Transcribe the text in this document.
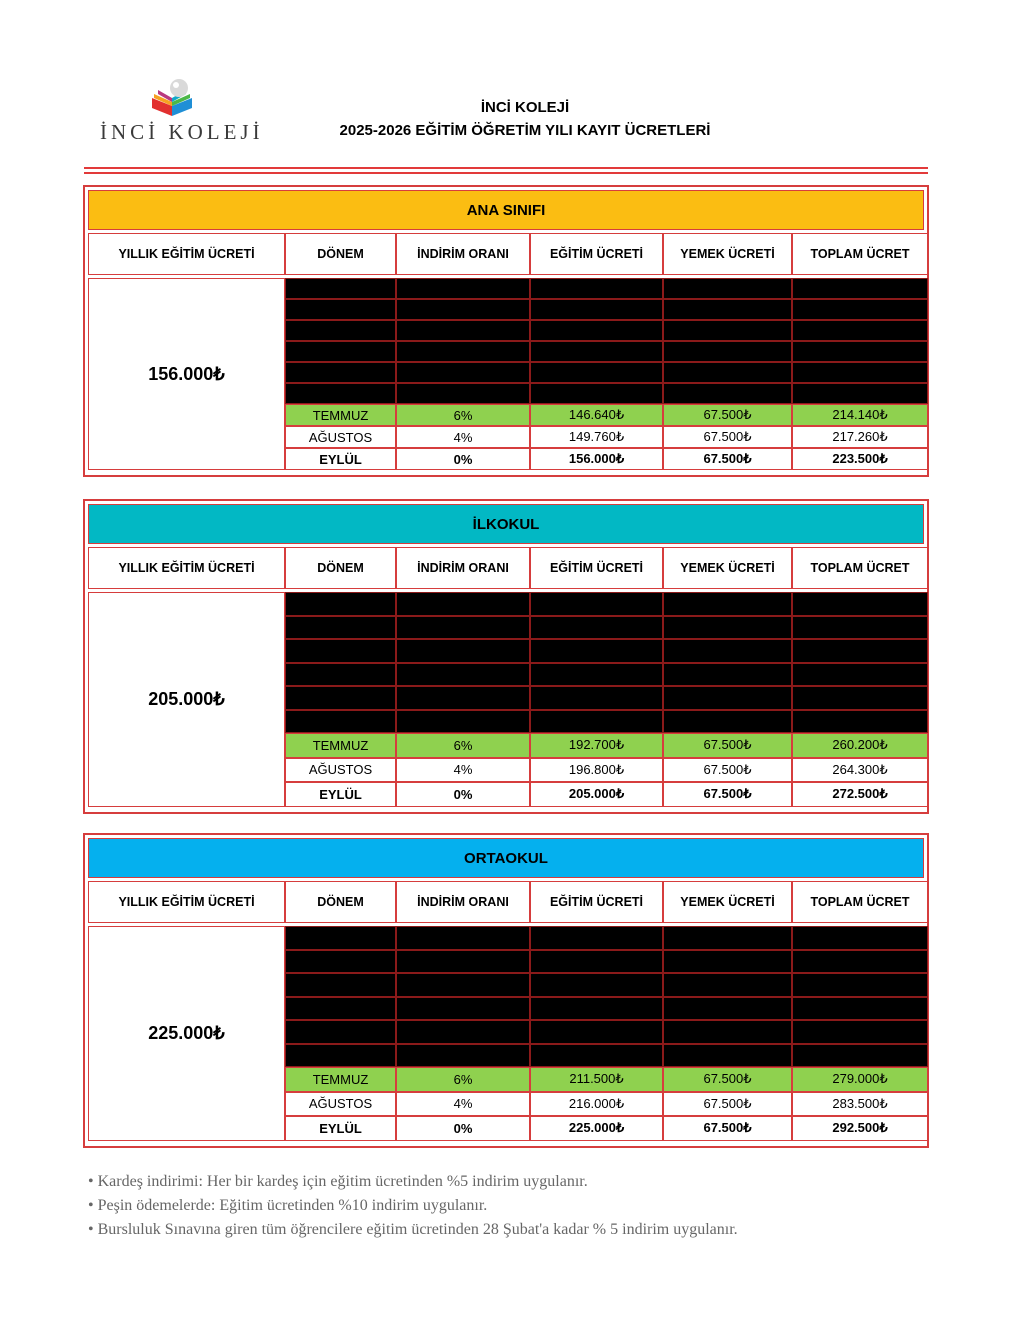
İNCİ KOLEJİ
İNCİ KOLEJİ
2025-2026 EĞİTİM ÖĞRETİM YILI KAYIT ÜCRETLERİ
ANA SINIFI
YILLIK EĞİTİM ÜCRETİ	DÖNEM	İNDİRİM ORANI	EĞİTİM ÜCRETİ	YEMEK ÜCRETİ	TOPLAM ÜCRET
156.000₺
TEMMUZ	6%	146.640₺	67.500₺	214.140₺
AĞUSTOS	4%	149.760₺	67.500₺	217.260₺
EYLÜL	0%	156.000₺	67.500₺	223.500₺
İLKOKUL
YILLIK EĞİTİM ÜCRETİ	DÖNEM	İNDİRİM ORANI	EĞİTİM ÜCRETİ	YEMEK ÜCRETİ	TOPLAM ÜCRET
205.000₺
TEMMUZ	6%	192.700₺	67.500₺	260.200₺
AĞUSTOS	4%	196.800₺	67.500₺	264.300₺
EYLÜL	0%	205.000₺	67.500₺	272.500₺
ORTAOKUL
YILLIK EĞİTİM ÜCRETİ	DÖNEM	İNDİRİM ORANI	EĞİTİM ÜCRETİ	YEMEK ÜCRETİ	TOPLAM ÜCRET
225.000₺
TEMMUZ	6%	211.500₺	67.500₺	279.000₺
AĞUSTOS	4%	216.000₺	67.500₺	283.500₺
EYLÜL	0%	225.000₺	67.500₺	292.500₺
• Kardeş indirimi: Her bir kardeş için eğitim ücretinden %5 indirim uygulanır.
• Peşin ödemelerde: Eğitim ücretinden %10 indirim uygulanır.
• Bursluluk Sınavına giren tüm öğrencilere eğitim ücretinden 28 Şubat'a kadar % 5 indirim uygulanır.
